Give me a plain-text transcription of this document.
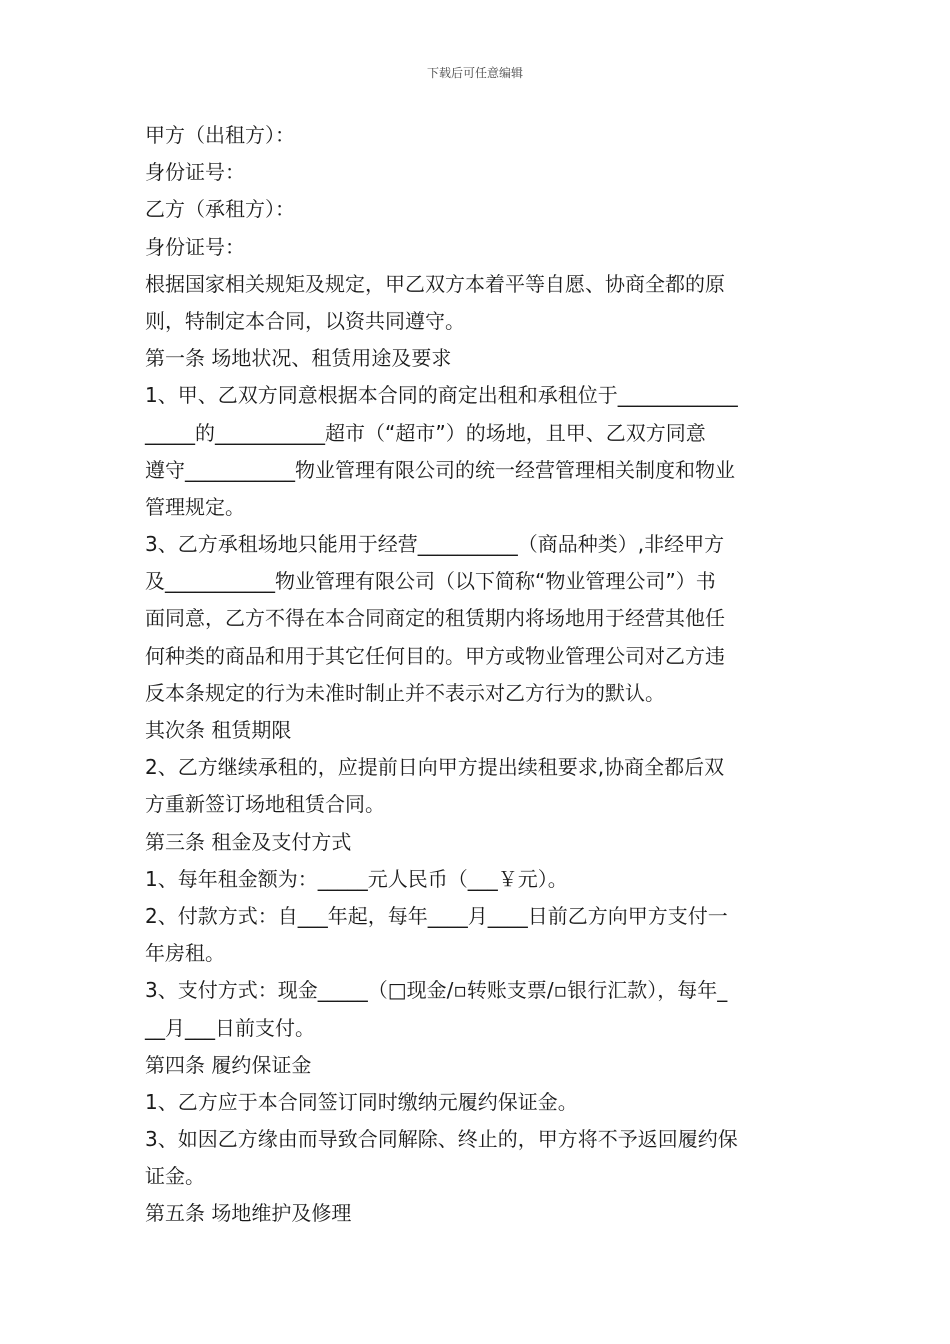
下载后可任意编辑
甲方（出租方）：
身份证号：
乙方（承租方）：
身份证号：
根据国家相关规矩及规定，甲乙双方本着平等自愿、协商全都的原
则，特制定本合同，以资共同遵守。
第一条 场地状况、租赁用途及要求
1、甲、乙双方同意根据本合同的商定出租和承租位于____________
_____的___________超市（“超市”）的场地，且甲、乙双方同意
遵守___________物业管理有限公司的统一经营管理相关制度和物业
管理规定。
3、乙方承租场地只能用于经营__________（商品种类）,非经甲方
及___________物业管理有限公司（以下简称“物业管理公司”）书
面同意，乙方不得在本合同商定的租赁期内将场地用于经营其他任
何种类的商品和用于其它任何目的。甲方或物业管理公司对乙方违
反本条规定的行为未准时制止并不表示对乙方行为的默认。
其次条 租赁期限
2、乙方继续承租的，应提前日向甲方提出续租要求,协商全都后双
方重新签订场地租赁合同。
第三条 租金及支付方式
1、每年租金额为：_____元人民币（___￥元）。
2、付款方式：自___年起，每年____月____日前乙方向甲方支付一
年房租。
3、支付方式：现金_____（□现金/▫转账支票/▫银行汇款），每年_
__月___日前支付。
第四条 履约保证金
1、乙方应于本合同签订同时缴纳元履约保证金。
3、如因乙方缘由而导致合同解除、终止的，甲方将不予返回履约保
证金。
第五条 场地维护及修理
